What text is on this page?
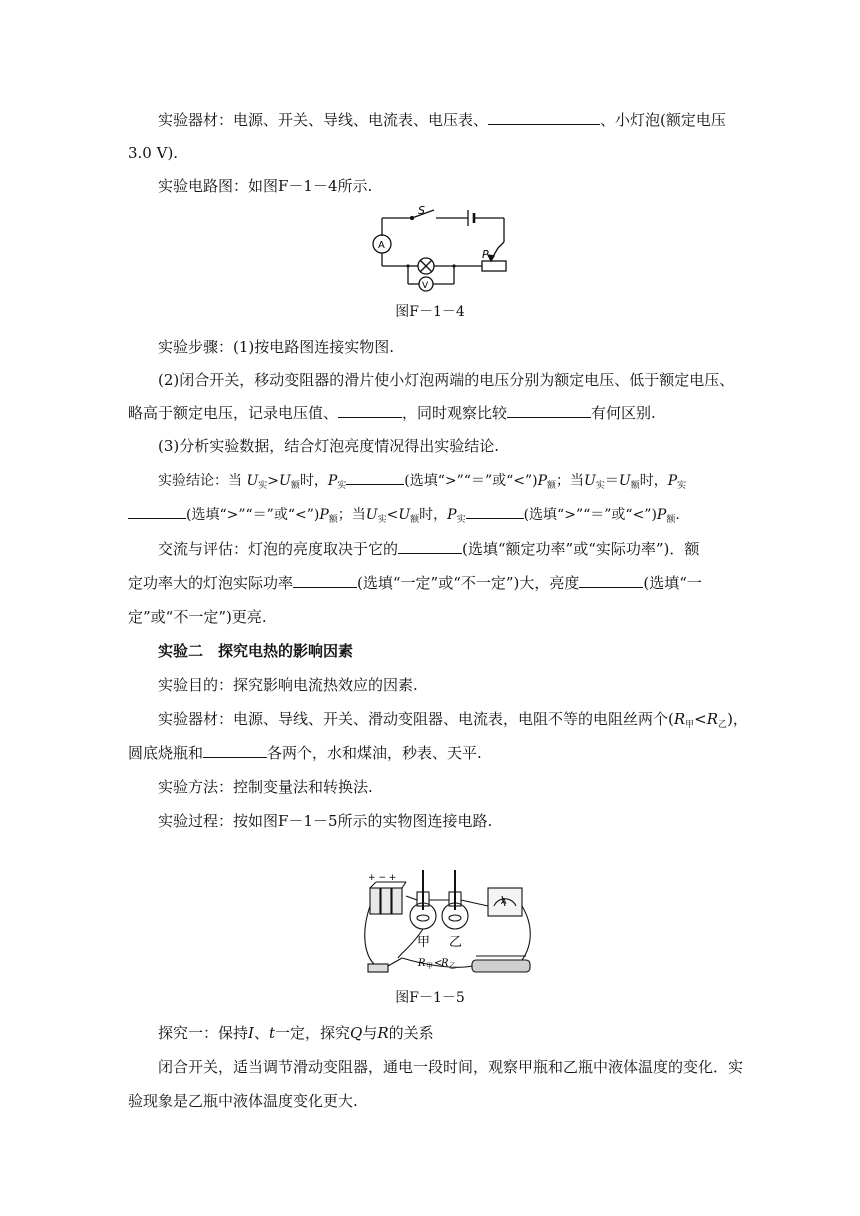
实验器材：电源、开关、导线、电流表、电压表、	、小灯泡(额定电压
3.0 V).
实验电路图：如图F－1－4所示.
S
A
V
P
图F－1－4
实验步骤：(1)按电路图连接实物图.
(2)闭合开关，移动变阻器的滑片使小灯泡两端的电压分别为额定电压、低于额定电压、
略高于额定电压，记录电压值、	，同时观察比较	有何区别.
(3)分析实验数据，结合灯泡亮度情况得出实验结论.
实验结论：当 $U_实>U_额$时，$P_实$	(选填“>”“＝”或“$<”)P_额$；当$U_实=U_额$时，$P_实$
(选填“>”“＝”或“$<”)P_额$；当$U_实<U_额$时，$P_实$	(选填“>”“＝”或“$<”)P_额$.
交流与评估：灯泡的亮度取决于它的	(选填“额定功率”或“实际功率”)．额
定功率大的灯泡实际功率	(选填“一定”或“不一定”)大，亮度	(选填“一
定”或“不一定”)更亮.
实验二　探究电热的影响因素
实验目的：探究影响电流热效应的因素.
实验器材：电源、导线、开关、滑动变阻器、电流表，电阻不等的电阻丝两个$(R_甲<R_乙)$，
圆底烧瓶和	各两个，水和煤油，秒表、天平.
实验方法：控制变量法和转换法.
实验过程：按如图F－1－5所示的实物图连接电路.
+ − +
甲 乙
R 甲 <
R 乙
A
图F－1－5
探究一：保持I、t一定，探究Q与R的关系
闭合开关，适当调节滑动变阻器，通电一段时间，观察甲瓶和乙瓶中液体温度的变化．实
验现象是乙瓶中液体温度变化更大.
